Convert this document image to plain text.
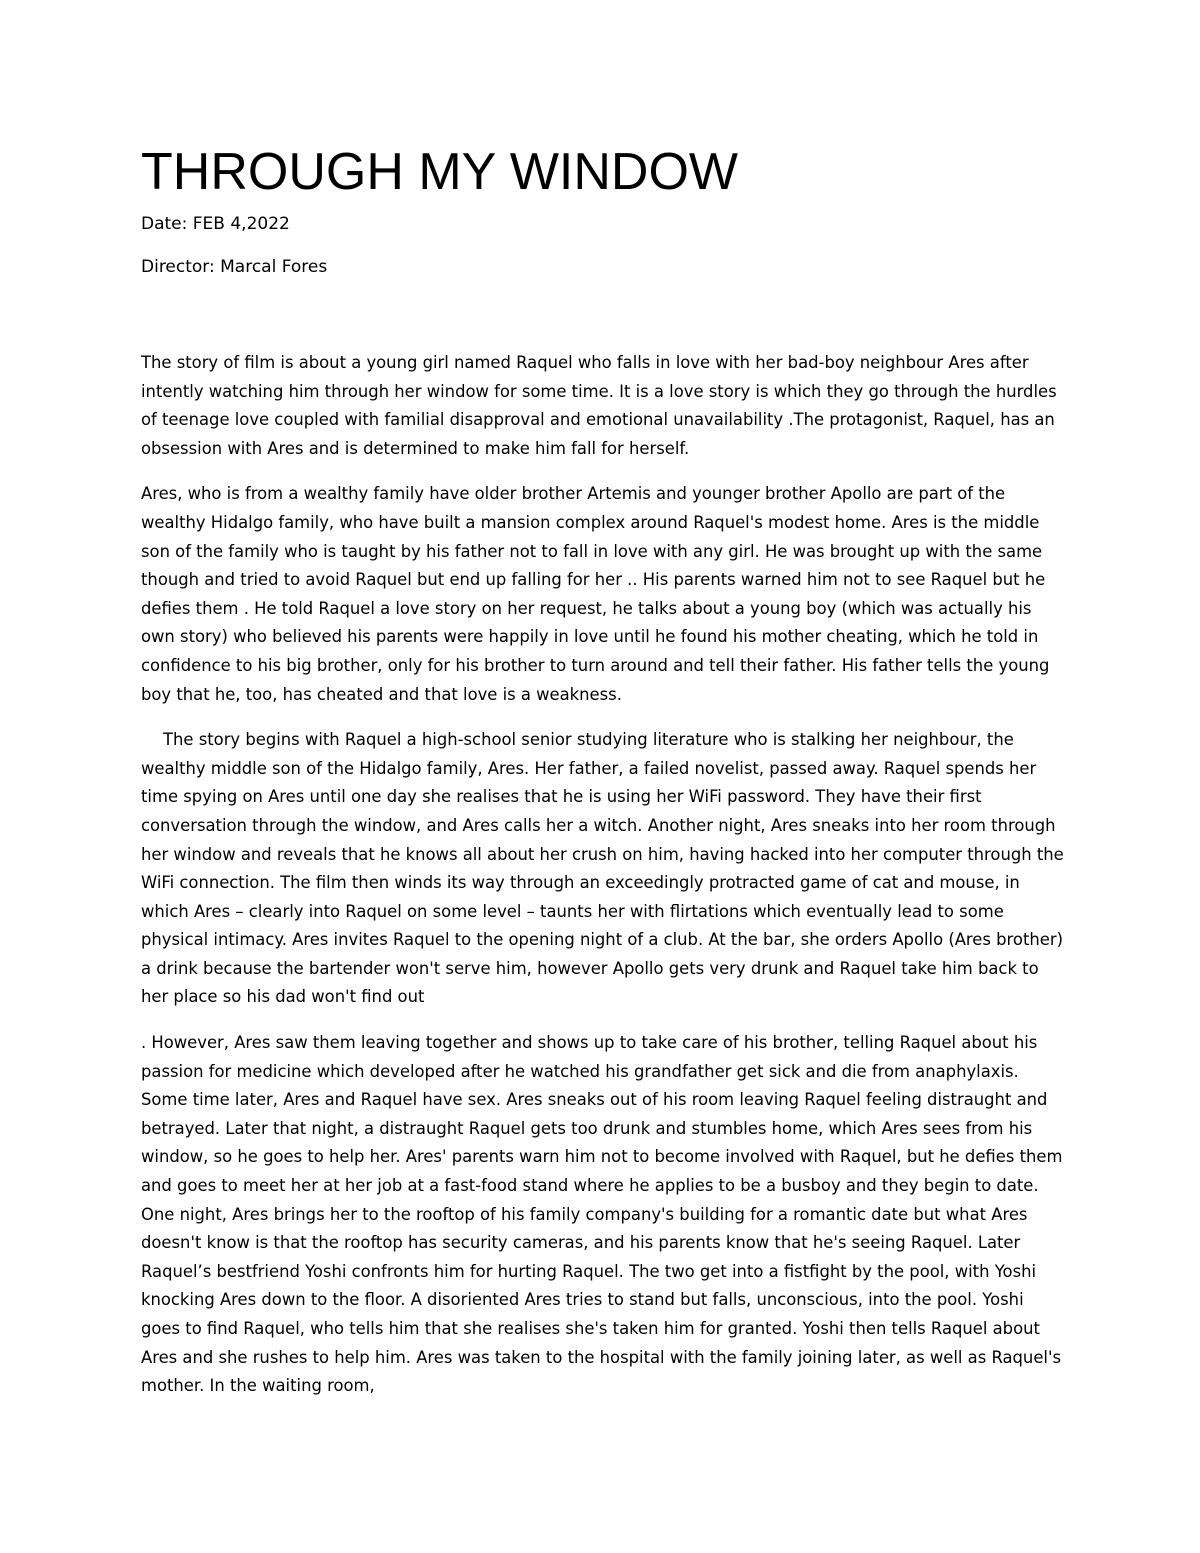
THROUGH MY WINDOW

Date: FEB 4,2022

Director: Marcal Fores

The story of film is about a young girl named Raquel who falls in love with her bad-boy neighbour Ares after intently watching him through her window for some time. It is a love story is which they go through the hurdles of teenage love coupled with familial disapproval and emotional unavailability .The protagonist, Raquel, has an obsession with Ares and is determined to make him fall for herself.

Ares, who is from a wealthy family have older brother Artemis and younger brother Apollo are part of the wealthy Hidalgo family, who have built a mansion complex around Raquel's modest home. Ares is the middle son of the family who is taught by his father not to fall in love with any girl. He was brought up with the same though and tried to avoid Raquel but end up falling for her .. His parents warned him not to see Raquel but he defies them . He told Raquel a love story on her request, he talks about a young boy (which was actually his own story) who believed his parents were happily in love until he found his mother cheating, which he told in confidence to his big brother, only for his brother to turn around and tell their father. His father tells the young boy that he, too, has cheated and that love is a weakness.

The story begins with Raquel a high-school senior studying literature who is stalking her neighbour, the wealthy middle son of the Hidalgo family, Ares. Her father, a failed novelist, passed away. Raquel spends her time spying on Ares until one day she realises that he is using her WiFi password. They have their first conversation through the window, and Ares calls her a witch. Another night, Ares sneaks into her room through her window and reveals that he knows all about her crush on him, having hacked into her computer through the WiFi connection. The film then winds its way through an exceedingly protracted game of cat and mouse, in which Ares – clearly into Raquel on some level – taunts her with flirtations which eventually lead to some physical intimacy. Ares invites Raquel to the opening night of a club. At the bar, she orders Apollo (Ares brother) a drink because the bartender won't serve him, however Apollo gets very drunk and Raquel take him back to her place so his dad won't find out

. However, Ares saw them leaving together and shows up to take care of his brother, telling Raquel about his passion for medicine which developed after he watched his grandfather get sick and die from anaphylaxis. Some time later, Ares and Raquel have sex. Ares sneaks out of his room leaving Raquel feeling distraught and betrayed. Later that night, a distraught Raquel gets too drunk and stumbles home, which Ares sees from his window, so he goes to help her. Ares' parents warn him not to become involved with Raquel, but he defies them and goes to meet her at her job at a fast-food stand where he applies to be a busboy and they begin to date. One night, Ares brings her to the rooftop of his family company's building for a romantic date but what Ares doesn't know is that the rooftop has security cameras, and his parents know that he's seeing Raquel. Later Raquel’s bestfriend Yoshi confronts him for hurting Raquel. The two get into a fistfight by the pool, with Yoshi knocking Ares down to the floor. A disoriented Ares tries to stand but falls, unconscious, into the pool. Yoshi goes to find Raquel, who tells him that she realises she's taken him for granted. Yoshi then tells Raquel about Ares and she rushes to help him. Ares was taken to the hospital with the family joining later, as well as Raquel's mother. In the waiting room,
